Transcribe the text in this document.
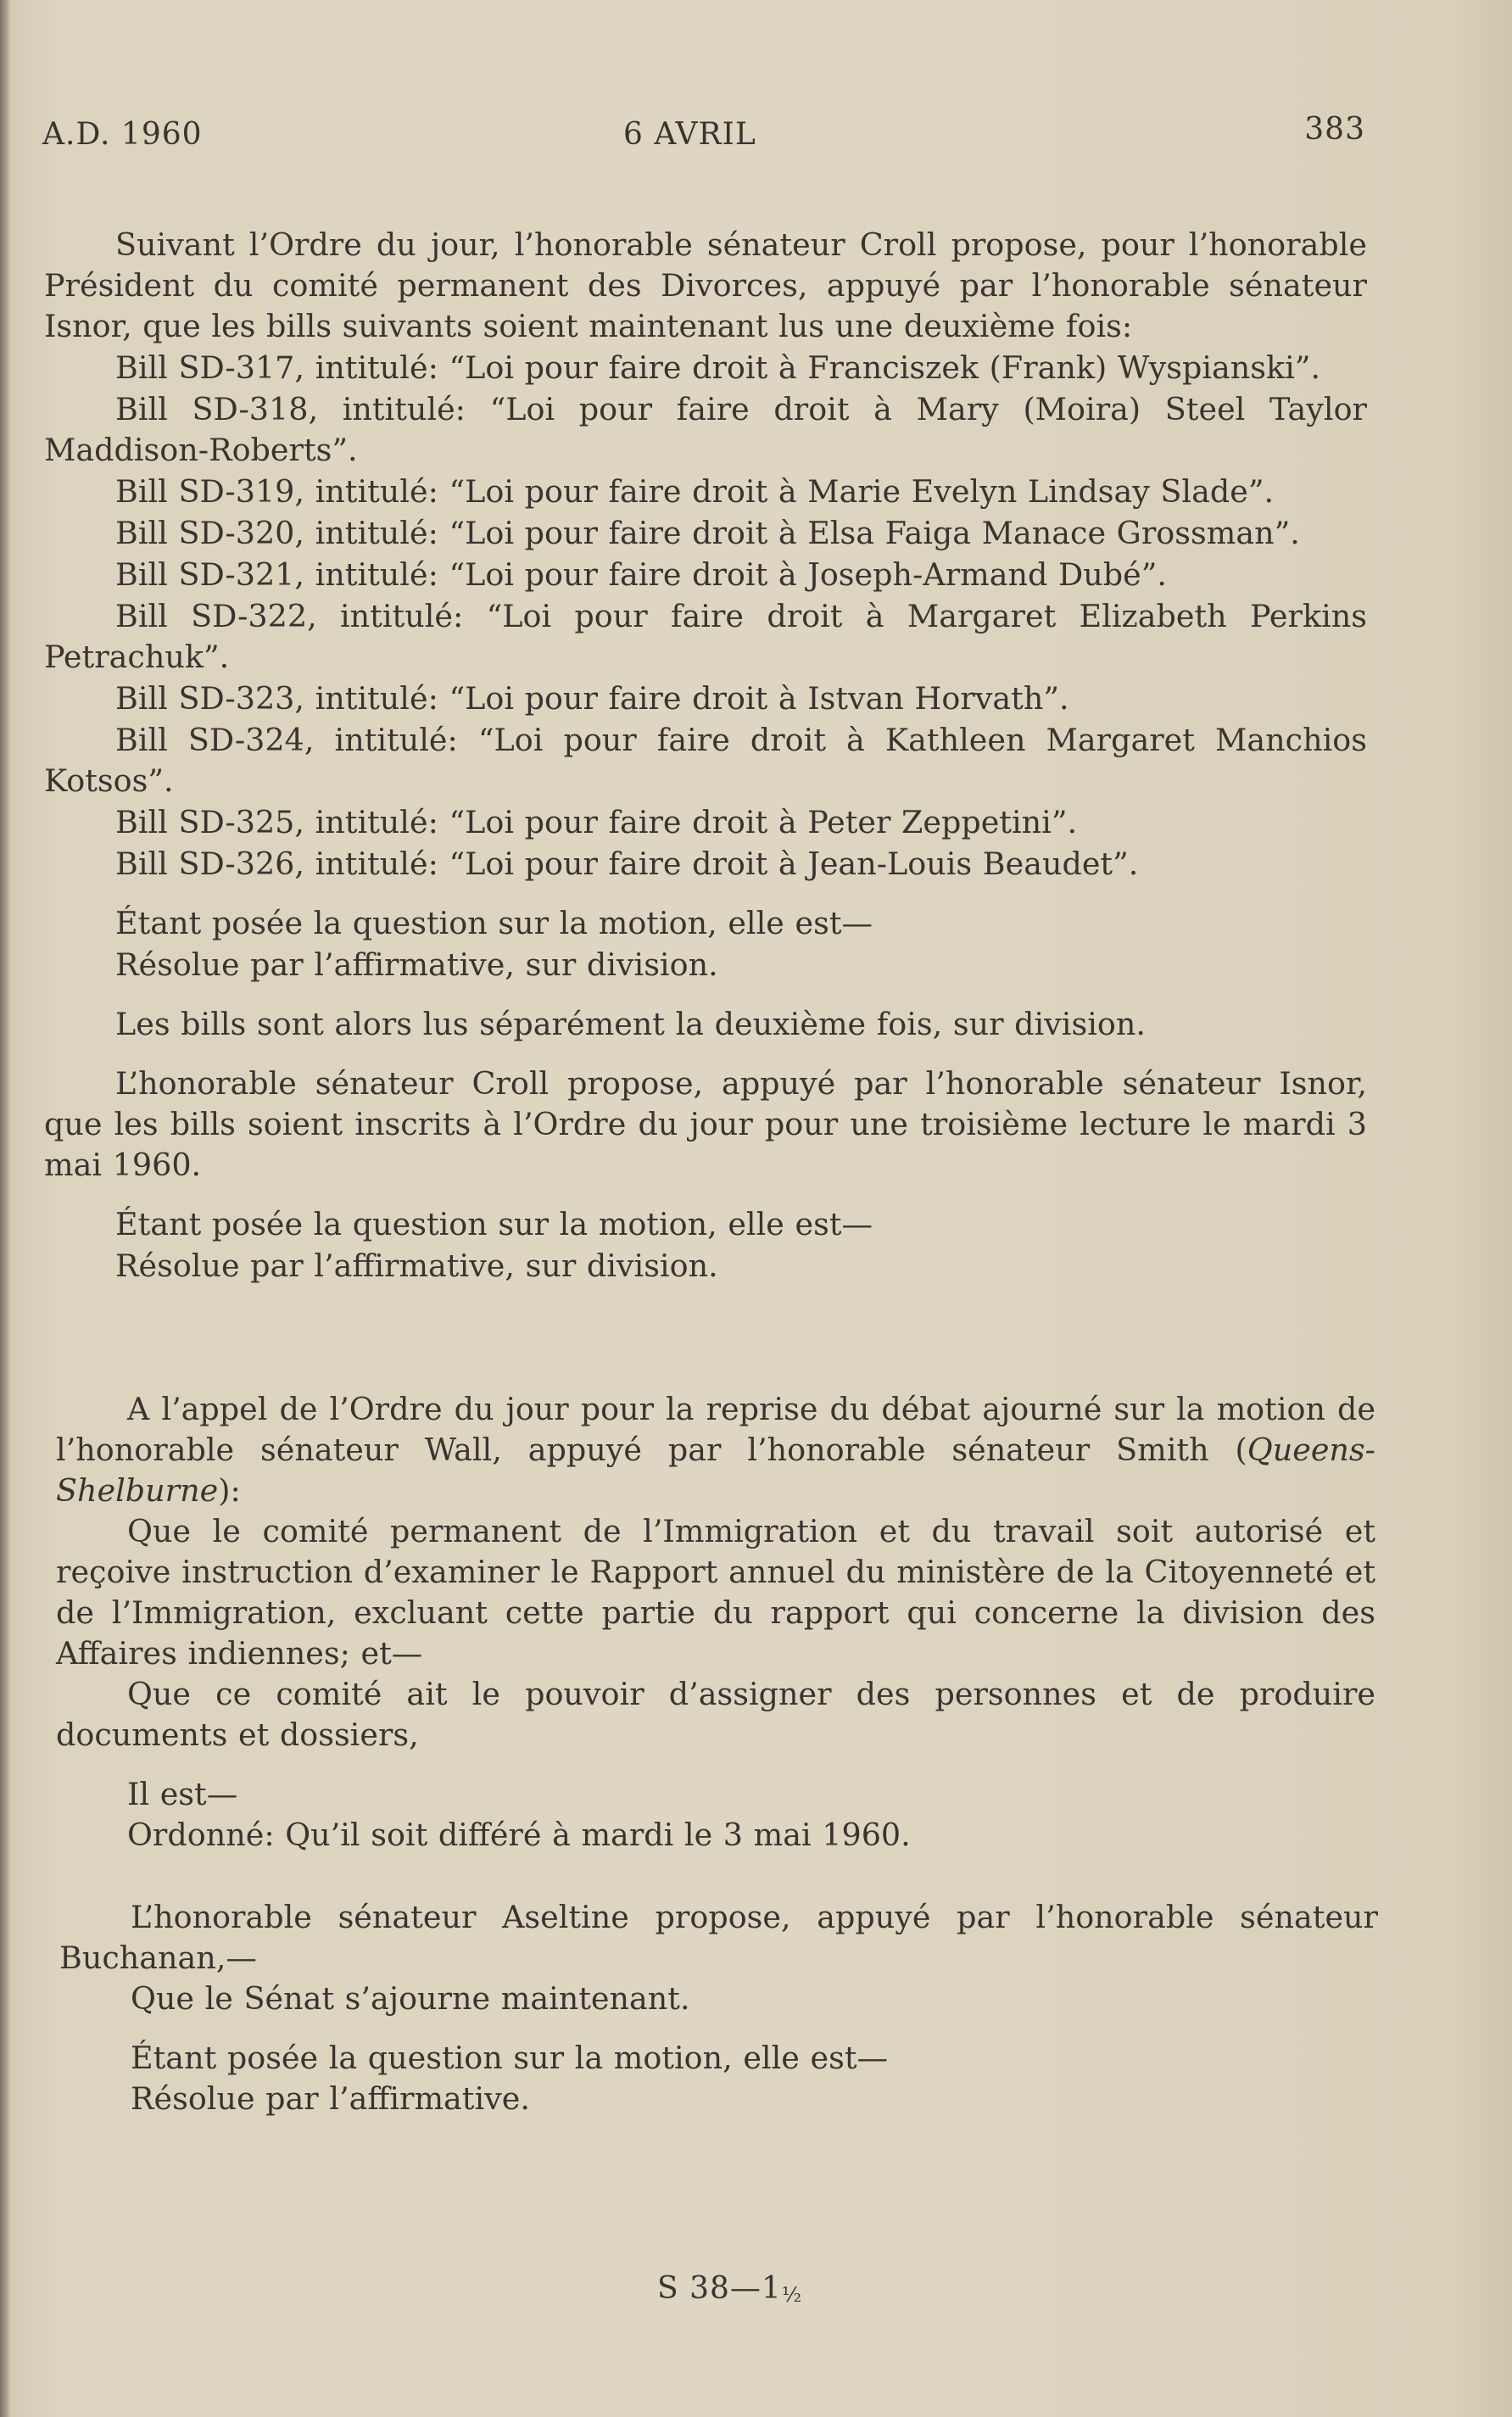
A.D. 1960	6 AVRIL	383

Suivant l’Ordre du jour, l’honorable sénateur Croll propose, pour l’honorable Président du comité permanent des Divorces, appuyé par l’honorable sénateur Isnor, que les bills suivants soient maintenant lus une deuxième fois:

Bill SD-317, intitulé: “Loi pour faire droit à Franciszek (Frank) Wyspianski”.

Bill SD-318, intitulé: “Loi pour faire droit à Mary (Moira) Steel Taylor Maddison-Roberts”.

Bill SD-319, intitulé: “Loi pour faire droit à Marie Evelyn Lindsay Slade”.

Bill SD-320, intitulé: “Loi pour faire droit à Elsa Faiga Manace Grossman”.

Bill SD-321, intitulé: “Loi pour faire droit à Joseph-Armand Dubé”.

Bill SD-322, intitulé: “Loi pour faire droit à Margaret Elizabeth Perkins Petrachuk”.

Bill SD-323, intitulé: “Loi pour faire droit à Istvan Horvath”.

Bill SD-324, intitulé: “Loi pour faire droit à Kathleen Margaret Manchios Kotsos”.

Bill SD-325, intitulé: “Loi pour faire droit à Peter Zeppetini”.

Bill SD-326, intitulé: “Loi pour faire droit à Jean-Louis Beaudet”.

Étant posée la question sur la motion, elle est—

Résolue par l’affirmative, sur division.

Les bills sont alors lus séparément la deuxième fois, sur division.

L’honorable sénateur Croll propose, appuyé par l’honorable sénateur Isnor, que les bills soient inscrits à l’Ordre du jour pour une troisième lecture le mardi 3 mai 1960.

Étant posée la question sur la motion, elle est—

Résolue par l’affirmative, sur division.

A l’appel de l’Ordre du jour pour la reprise du débat ajourné sur la motion de l’honorable sénateur Wall, appuyé par l’honorable sénateur Smith (Queens-Shelburne):

Que le comité permanent de l’Immigration et du travail soit autorisé et reçoive instruction d’examiner le Rapport annuel du ministère de la Citoyenneté et de l’Immigration, excluant cette partie du rapport qui concerne la division des Affaires indiennes; et—

Que ce comité ait le pouvoir d’assigner des personnes et de produire documents et dossiers,

Il est—

Ordonné: Qu’il soit différé à mardi le 3 mai 1960.

L’honorable sénateur Aseltine propose, appuyé par l’honorable sénateur Buchanan,—

Que le Sénat s’ajourne maintenant.

Étant posée la question sur la motion, elle est—

Résolue par l’affirmative.

S 38—1½
